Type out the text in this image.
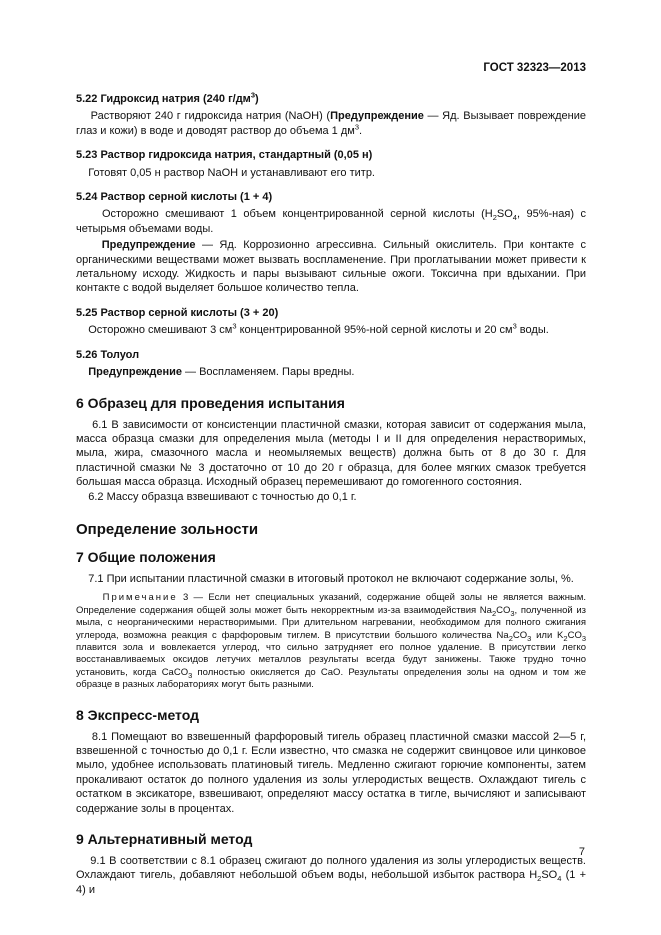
ГОСТ 32323—2013

5.22 Гидроксид натрия (240 $г/дм^3$)

Растворяют 240 г гидроксида натрия (NaOH) (Предупреждение — Яд. Вызывает повреждение глаз и кожи) в воде и доводят раствор до объема 1 $дм^3$.

5.23 Раствор гидроксида натрия, стандартный (0,05 н)

Готовят 0,05 н раствор NaOH и устанавливают его титр.

5.24 Раствор серной кислоты (1 + 4)

Осторожно смешивают 1 объем концентрированной серной кислоты ($H_2SO_4$, 95%-ная) с четырьмя объемами воды.

Предупреждение — Яд. Коррозионно агрессивна. Сильный окислитель. При контакте с органическими веществами может вызвать воспламенение. При проглатывании может привести к летальному исходу. Жидкость и пары вызывают сильные ожоги. Токсична при вдыхании. При контакте с водой выделяет большое количество тепла.

5.25 Раствор серной кислоты (3 + 20)

Осторожно смешивают 3 $см^3$ концентрированной 95%-ной серной кислоты и 20 $см^3$ воды.

5.26 Толуол

Предупреждение — Воспламеняем. Пары вредны.

6 Образец для проведения испытания

6.1 В зависимости от консистенции пластичной смазки, которая зависит от содержания мыла, масса образца смазки для определения мыла (методы I и II для определения нерастворимых, мыла, жира, смазочного масла и неомыляемых веществ) должна быть от 8 до 30 г. Для пластичной смазки № 3 достаточно от 10 до 20 г образца, для более мягких смазок требуется большая масса образца. Исходный образец перемешивают до гомогенного состояния.

6.2 Массу образца взвешивают с точностью до 0,1 г.

Определение зольности

7 Общие положения

7.1 При испытании пластичной смазки в итоговый протокол не включают содержание золы, %.

Примечание 3 — Если нет специальных указаний, содержание общей золы не является важным. Определение содержания общей золы может быть некорректным из-за взаимодействия $Na_2CO_3$, полученной из мыла, с неорганическими нерастворимыми. При длительном нагревании, необходимом для полного сжигания углерода, возможна реакция с фарфоровым тиглем. В присутствии большого количества $Na_2CO_3$ или $K_2CO_3$ плавится зола и вовлекается углерод, что сильно затрудняет его полное удаление. В присутствии легко восстанавливаемых оксидов летучих металлов результаты всегда будут занижены. Также трудно точно установить, когда CaCO$_3$ полностью окисляется до CaO. Результаты определения золы на одном и том же образце в разных лабораториях могут быть разными.

8 Экспресс-метод

8.1 Помещают во взвешенный фарфоровый тигель образец пластичной смазки массой 2—5 г, взвешенной с точностью до 0,1 г. Если известно, что смазка не содержит свинцовое или цинковое мыло, удобнее использовать платиновый тигель. Медленно сжигают горючие компоненты, затем прокаливают остаток до полного удаления из золы углеродистых веществ. Охлаждают тигель с остатком в эксикаторе, взвешивают, определяют массу остатка в тигле, вычисляют и записывают содержание золы в процентах.

9 Альтернативный метод

9.1 В соответствии с 8.1 образец сжигают до полного удаления из золы углеродистых веществ. Охлаждают тигель, добавляют небольшой объем воды, небольшой избыток раствора $H_2SO_4$ (1 + 4) и

7
